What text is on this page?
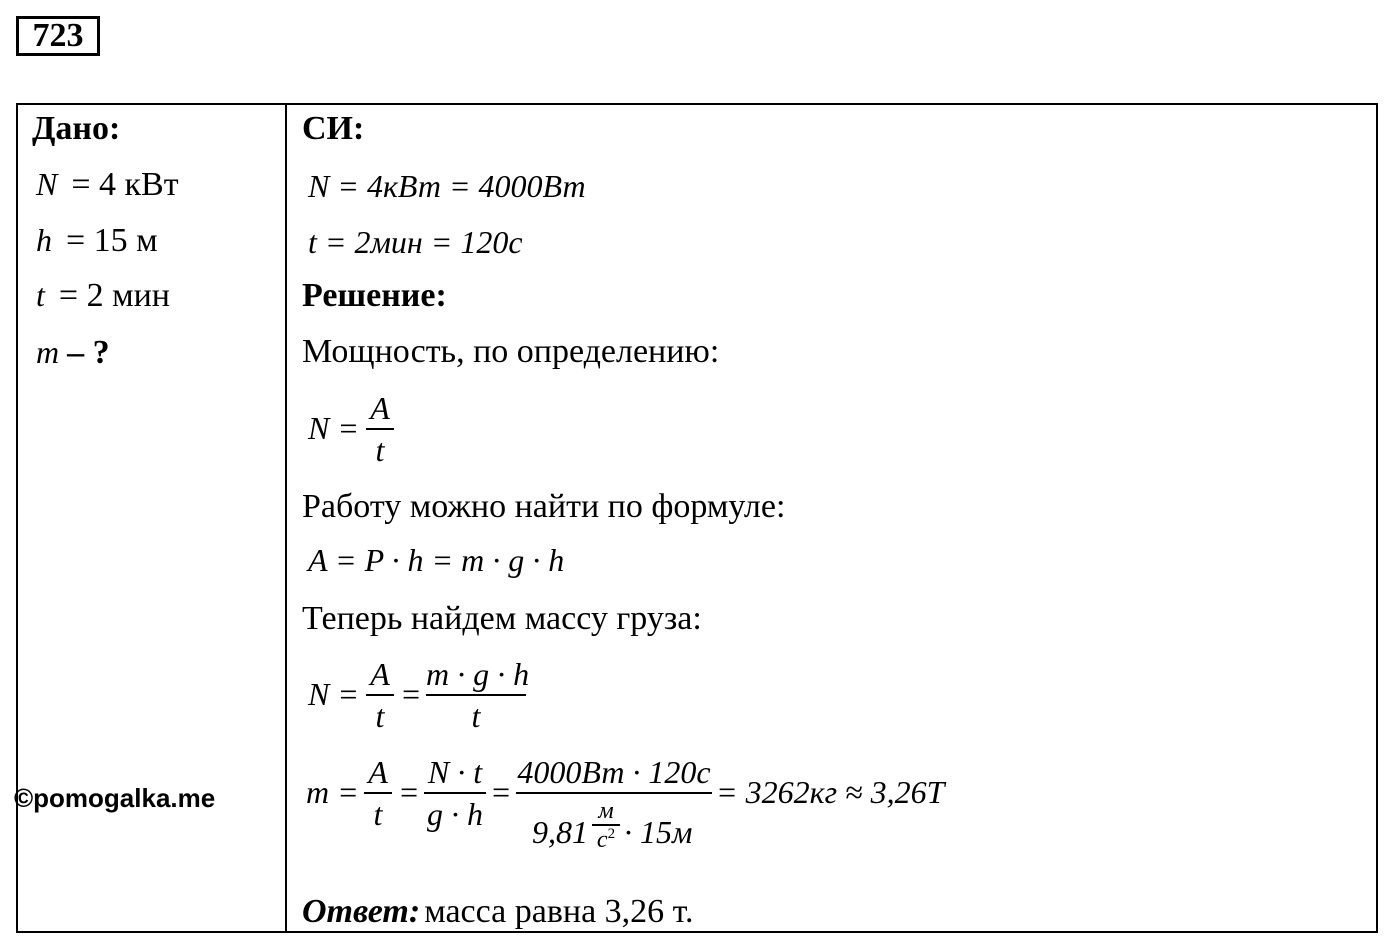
723
Дано:
N = 4 кВт
h = 15 м
t = 2 мин
m – ?
СИ:
N = 4кВт = 4000Вт
t = 2мин = 120с
Решение:
Мощность, по определению:
N =
A
t
Работу можно найти по формуле:
A = P · h = m · g · h
Теперь найдем массу груза:
N =
A
t
=
m · g · h
t
m =
A
t
=
N · t
g · h
=
4000Вт · 120с
9,81
м
$с^2 \cdot 15м$
= 3262кг ≈ 3,26Т
Ответ: масса равна 3,26 т.
©pomogalka.me
